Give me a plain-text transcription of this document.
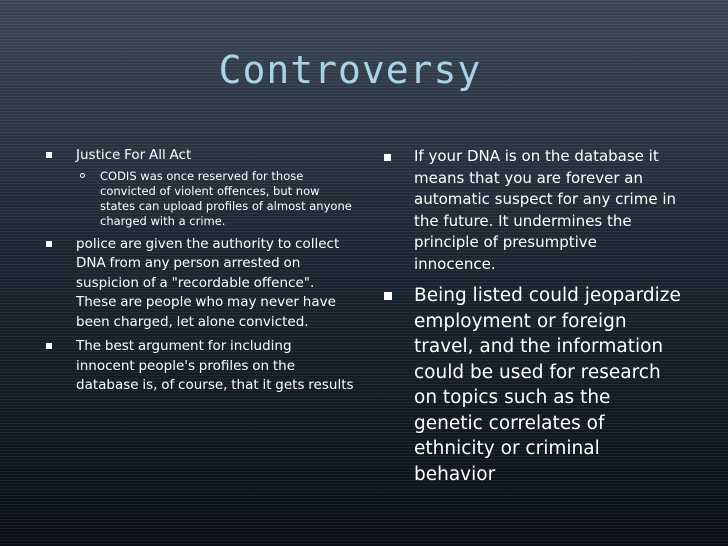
Controversy
Justice For All Act
CODIS was once reserved for those convicted of violent offences, but now states can upload profiles of almost anyone charged with a crime.
police are given the authority to collect DNA from any person arrested on suspicion of a "recordable offence". These are people who may never have been charged, let alone convicted.
The best argument for including innocent people's profiles on the database is, of course, that it gets results
If your DNA is on the database it means that you are forever an automatic suspect for any crime in the future. It undermines the principle of presumptive innocence.
Being listed could jeopardize employment or foreign travel, and the information could be used for research on topics such as the genetic correlates of ethnicity or criminal behavior
